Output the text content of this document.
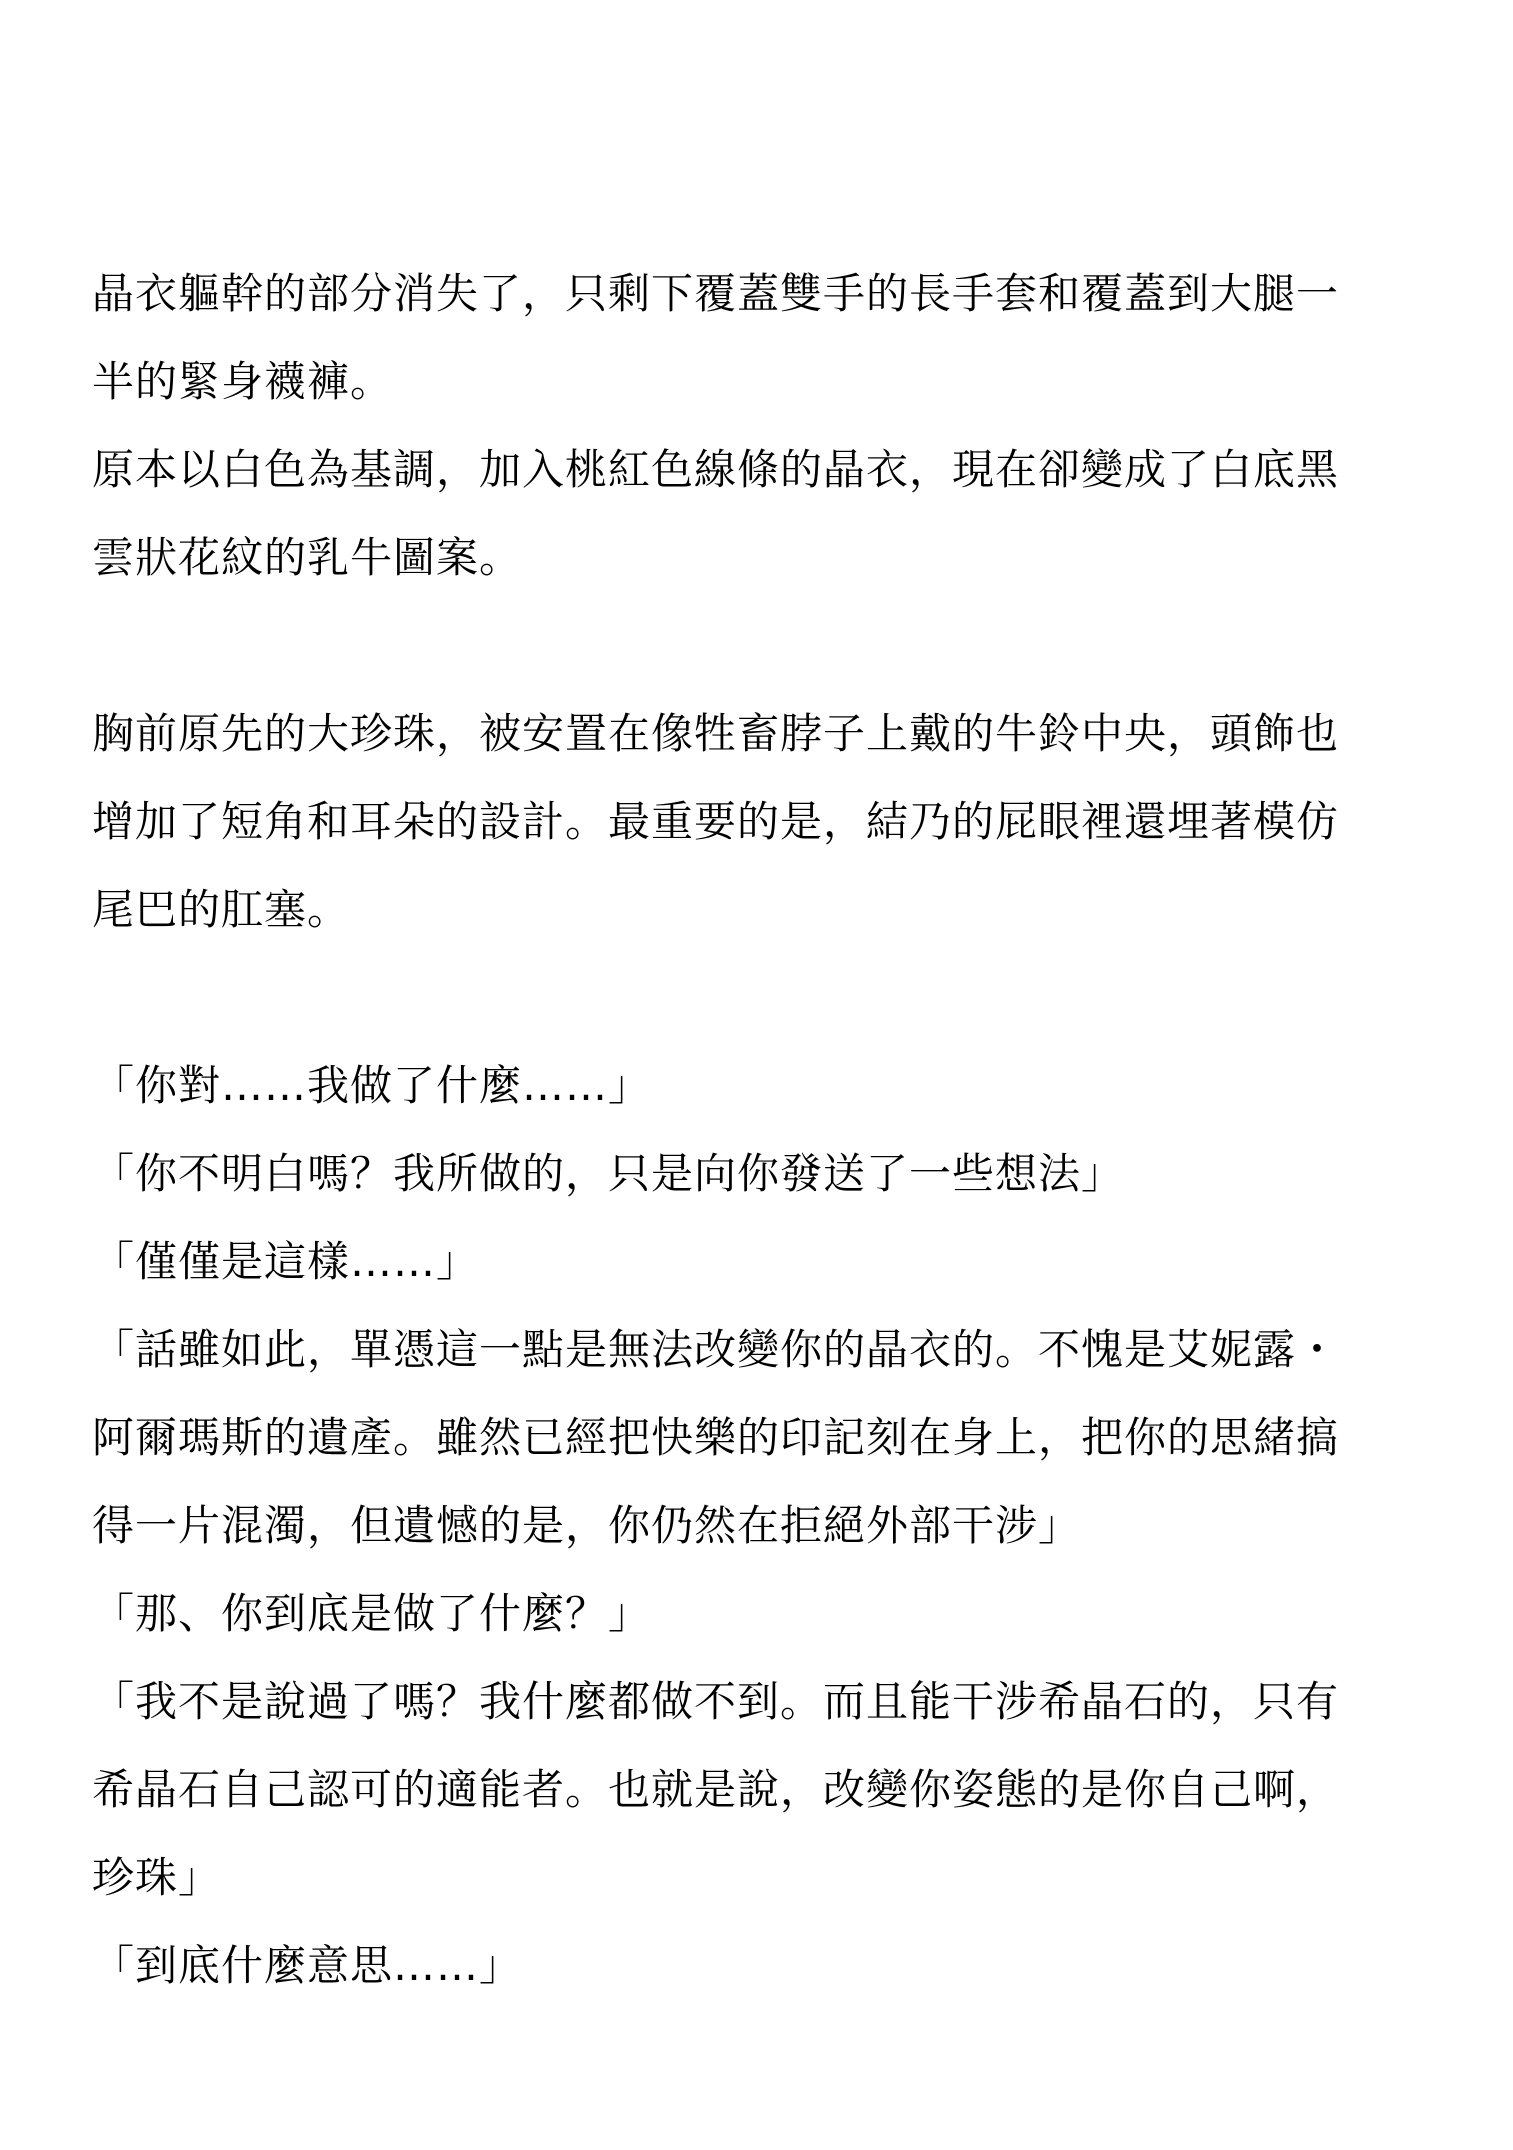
晶衣軀幹的部分消失了，只剩下覆蓋雙手的長手套和覆蓋到大腿一
半的緊身襪褲。
原本以白色為基調，加入桃紅色線條的晶衣，現在卻變成了白底黑
雲狀花紋的乳牛圖案。
胸前原先的大珍珠，被安置在像牲畜脖子上戴的牛鈴中央，頭飾也
增加了短角和耳朵的設計。最重要的是，結乃的屁眼裡還埋著模仿
尾巴的肛塞。
「你對……我做了什麼……」
「你不明白嗎？我所做的，只是向你發送了一些想法」
「僅僅是這樣……」
「話雖如此，單憑這一點是無法改變你的晶衣的。不愧是艾妮露・
阿爾瑪斯的遺產。雖然已經把快樂的印記刻在身上，把你的思緒搞
得一片混濁，但遺憾的是，你仍然在拒絕外部干涉」
「那、你到底是做了什麼？」
「我不是說過了嗎？我什麼都做不到。而且能干涉希晶石的，只有
希晶石自己認可的適能者。也就是說，改變你姿態的是你自己啊，
珍珠」
「到底什麼意思……」
